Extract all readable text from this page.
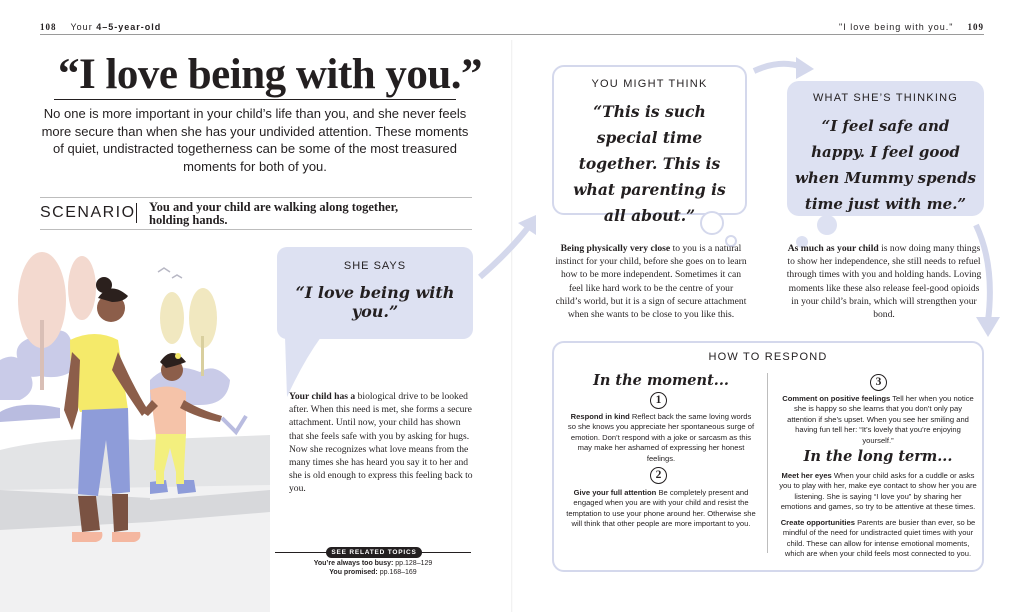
108 Your 4–5-year-old	"I love being with you." 109
“I love being with you.”
No one is more important in your child’s life than you, and she never feels more secure than when she has your undivided attention. These moments of quiet, undistracted togetherness can be some of the most treasured moments for both of you.
SCENARIO You and your child are walking along together, holding hands.
SHE SAYS
“I love being with you.”
Your child has a biological drive to be looked after. When this need is met, she forms a secure attachment. Until now, your child has shown that she feels safe with you by asking for hugs. Now she recognizes what love means from the many times she has heard you say it to her and she is old enough to express this feeling back to you.
SEE RELATED TOPICS
You’re always too busy: pp.128–129
You promised: pp.168–169
YOU MIGHT THINK
“This is such special time together. This is what parenting is all about.”
WHAT SHE’S THINKING
“I feel safe and happy. I feel good when Mummy spends time just with me.”
Being physically very close to you is a natural instinct for your child, before she goes on to learn how to be more independent. Sometimes it can feel like hard work to be the centre of your child’s world, but it is a sign of secure attachment when she wants to be close to you like this.
As much as your child is now doing many things to show her independence, she still needs to refuel through times with you and holding hands. Loving moments like these also release feel-good opioids in your child’s brain, which will strengthen your bond.
HOW TO RESPOND
In the moment...
1
Respond in kind Reflect back the same loving words so she knows you appreciate her spontaneous surge of emotion. Don’t respond with a joke or sarcasm as this may make her ashamed of expressing her honest feelings.
2
Give your full attention Be completely present and engaged when you are with your child and resist the temptation to use your phone around her. Otherwise she will think that other people are more important to you.
3
Comment on positive feelings Tell her when you notice she is happy so she learns that you don’t only pay attention if she’s upset. When you see her smiling and having fun tell her: “It’s lovely that you’re enjoying yourself.”
In the long term...
Meet her eyes When your child asks for a cuddle or asks you to play with her, make eye contact to show her you are listening. She is saying “I love you” by sharing her emotions and games, so try to be attentive at these times.
Create opportunities Parents are busier than ever, so be mindful of the need for undistracted quiet times with your child. These can allow for intense emotional moments, which are when your child feels most connected to you.
